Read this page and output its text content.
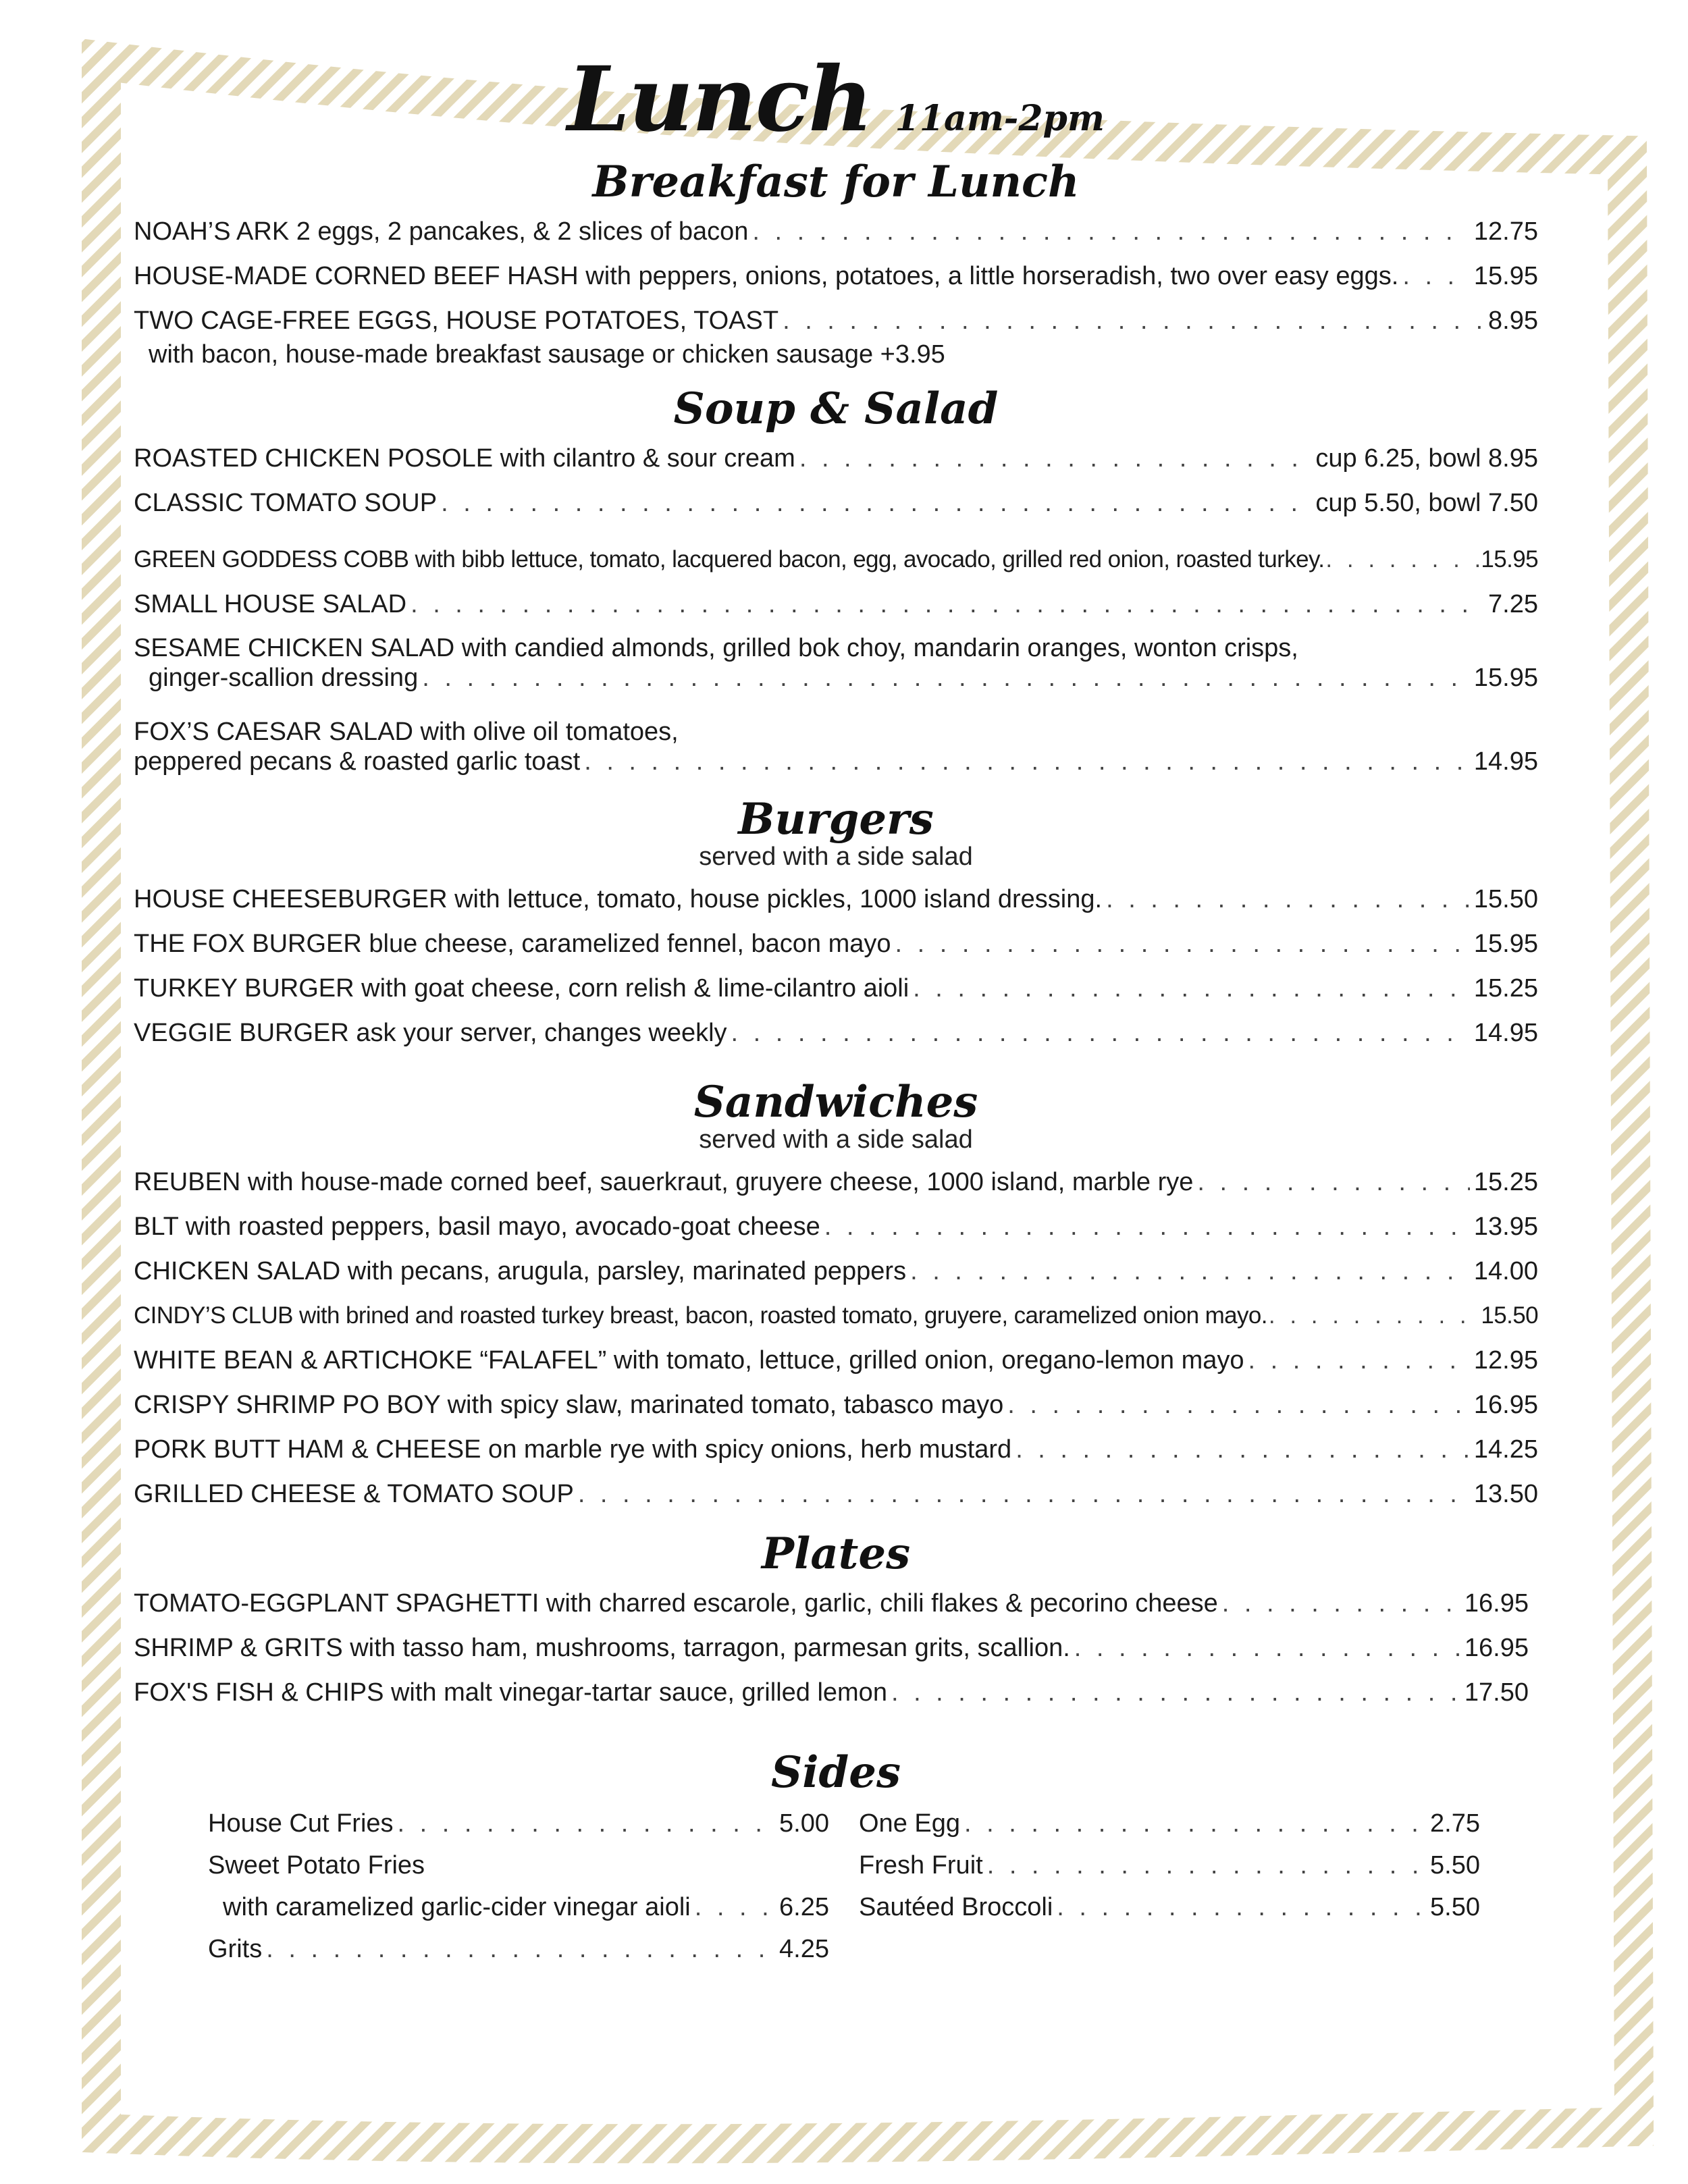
Lunch 11am-2pm
Breakfast for Lunch
NOAH’S ARK 2 eggs, 2 pancakes, & 2 slices of bacon . . .	12.75
HOUSE-MADE CORNED BEEF HASH with peppers, onions, potatoes, a little horseradish, two over easy eggs. . . .	15.95
TWO CAGE-FREE EGGS, HOUSE POTATOES, TOAST . . .	8.95
with bacon, house-made breakfast sausage or chicken sausage +3.95
Soup & Salad
ROASTED CHICKEN POSOLE with cilantro & sour cream . . .	cup 6.25, bowl 8.95
CLASSIC TOMATO SOUP . . .	cup 5.50, bowl 7.50
GREEN GODDESS COBB with bibb lettuce, tomato, lacquered bacon, egg, avocado, grilled red onion, roasted turkey. . . .	15.95
SMALL HOUSE SALAD . . .	7.25
SESAME CHICKEN SALAD with candied almonds, grilled bok choy, mandarin oranges, wonton crisps,
ginger-scallion dressing . . .	15.95
FOX’S CAESAR SALAD with olive oil tomatoes,
peppered pecans & roasted garlic toast . . .	14.95
Burgers
served with a side salad
HOUSE CHEESEBURGER with lettuce, tomato, house pickles, 1000 island dressing. . . .	15.50
THE FOX BURGER blue cheese, caramelized fennel, bacon mayo . . .	15.95
TURKEY BURGER with goat cheese, corn relish & lime-cilantro aioli . . .	15.25
VEGGIE BURGER ask your server, changes weekly . . .	14.95
Sandwiches
served with a side salad
REUBEN with house-made corned beef, sauerkraut, gruyere cheese, 1000 island, marble rye . . .	15.25
BLT with roasted peppers, basil mayo, avocado-goat cheese . . .	13.95
CHICKEN SALAD with pecans, arugula, parsley, marinated peppers . . .	14.00
CINDY’S CLUB with brined and roasted turkey breast, bacon, roasted tomato, gruyere, caramelized onion mayo. . . .	15.50
WHITE BEAN & ARTICHOKE “FALAFEL” with tomato, lettuce, grilled onion, oregano-lemon mayo . . .	12.95
CRISPY SHRIMP PO BOY with spicy slaw, marinated tomato, tabasco mayo . . .	16.95
PORK BUTT HAM & CHEESE on marble rye with spicy onions, herb mustard . . .	14.25
GRILLED CHEESE & TOMATO SOUP . . .	13.50
Plates
TOMATO-EGGPLANT SPAGHETTI with charred escarole, garlic, chili flakes & pecorino cheese . . .	16.95
SHRIMP & GRITS with tasso ham, mushrooms, tarragon, parmesan grits, scallion. . . .	16.95
FOX'S FISH & CHIPS with malt vinegar-tartar sauce, grilled lemon . . .	17.50
Sides
House Cut Fries . . .	5.00
Sweet Potato Fries
with caramelized garlic-cider vinegar aioli . . .	6.25
Grits . . .	4.25
One Egg . . .	2.75
Fresh Fruit . . .	5.50
Sautéed Broccoli . . .	5.50
